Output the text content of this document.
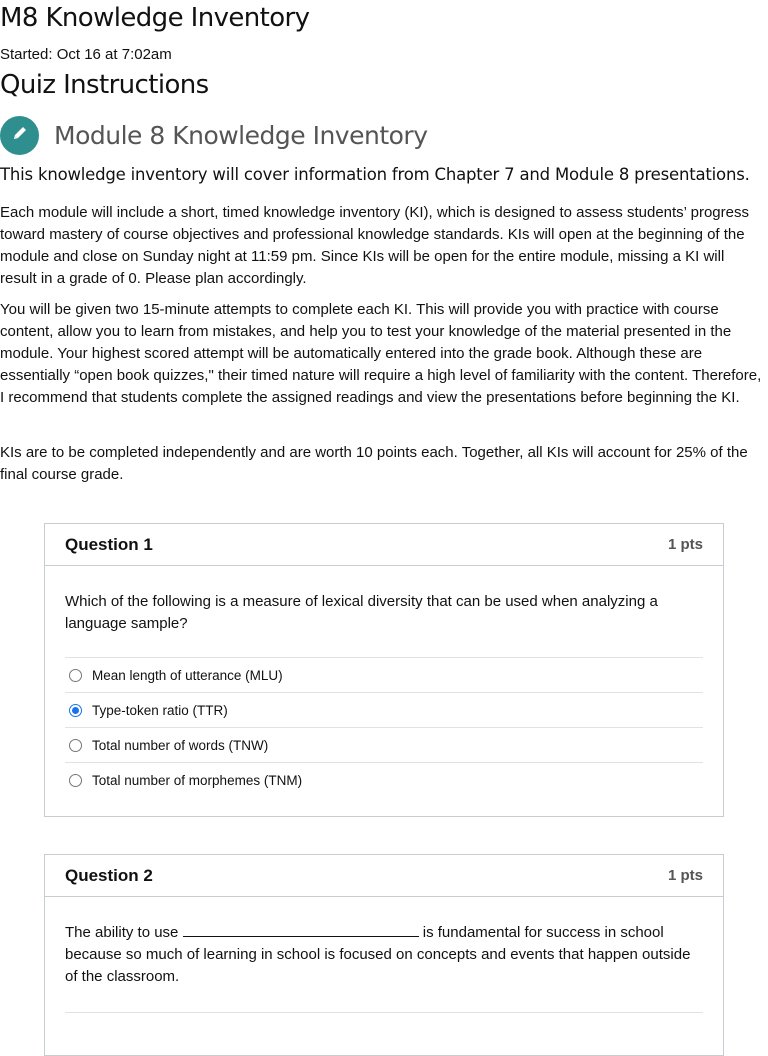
M8 Knowledge Inventory
Started: Oct 16 at 7:02am
Quiz Instructions
Module 8 Knowledge Inventory
This knowledge inventory will cover information from Chapter 7 and Module 8 presentations.

Each module will include a short, timed knowledge inventory (KI), which is designed to assess students’ progress toward mastery of course objectives and professional knowledge standards. KIs will open at the beginning of the module and close on Sunday night at 11:59 pm. Since KIs will be open for the entire module, missing a KI will result in a grade of 0. Please plan accordingly.

You will be given two 15-minute attempts to complete each KI. This will provide you with practice with course content, allow you to learn from mistakes, and help you to test your knowledge of the material presented in the module. Your highest scored attempt will be automatically entered into the grade book. Although these are essentially “open book quizzes," their timed nature will require a high level of familiarity with the content. Therefore, I recommend that students complete the assigned readings and view the presentations before beginning the KI.

KIs are to be completed independently and are worth 10 points each. Together, all KIs will account for 25% of the final course grade.

Question 1	1 pts

Which of the following is a measure of lexical diversity that can be used when analyzing a language sample?

Mean length of utterance (MLU)
Type-token ratio (TTR)
Total number of words (TNW)
Total number of morphemes (TNM)
Question 2	1 pts

The ability to use	is fundamental for success in school because so much of learning in school is focused on concepts and events that happen outside of the classroom.
